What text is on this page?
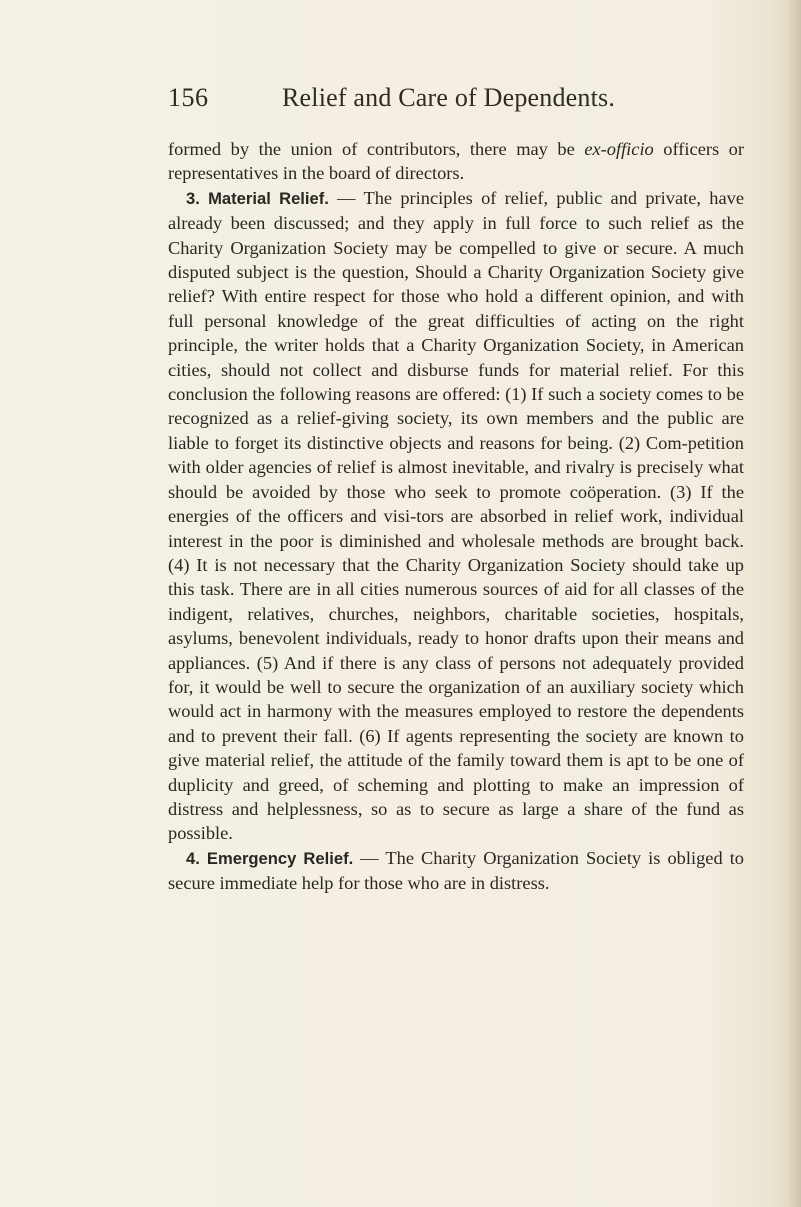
156	Relief and Care of Dependents.

formed by the union of contributors, there may be ex-officio officers or representatives in the board of directors.

3. Material Relief. — The principles of relief, public and private, have already been discussed; and they apply in full force to such relief as the Charity Organization Society may be compelled to give or secure. A much disputed subject is the question, Should a Charity Organization Society give relief? With entire respect for those who hold a different opinion, and with full personal knowledge of the great difficulties of acting on the right principle, the writer holds that a Charity Organization Society, in American cities, should not collect and disburse funds for material relief. For this conclusion the following reasons are offered: (1) If such a society comes to be recognized as a relief-giving society, its own members and the public are liable to forget its distinctive objects and reasons for being. (2) Com-petition with older agencies of relief is almost inevitable, and rivalry is precisely what should be avoided by those who seek to promote coöperation. (3) If the energies of the officers and visi-tors are absorbed in relief work, individual interest in the poor is diminished and wholesale methods are brought back. (4) It is not necessary that the Charity Organization Society should take up this task. There are in all cities numerous sources of aid for all classes of the indigent, relatives, churches, neighbors, charitable societies, hospitals, asylums, benevolent individuals, ready to honor drafts upon their means and appliances. (5) And if there is any class of persons not adequately provided for, it would be well to secure the organization of an auxiliary society which would act in harmony with the measures employed to restore the dependents and to prevent their fall. (6) If agents representing the society are known to give material relief, the attitude of the family toward them is apt to be one of duplicity and greed, of scheming and plotting to make an impression of distress and helplessness, so as to secure as large a share of the fund as possible.

4. Emergency Relief. — The Charity Organization Society is obliged to secure immediate help for those who are in distress.
